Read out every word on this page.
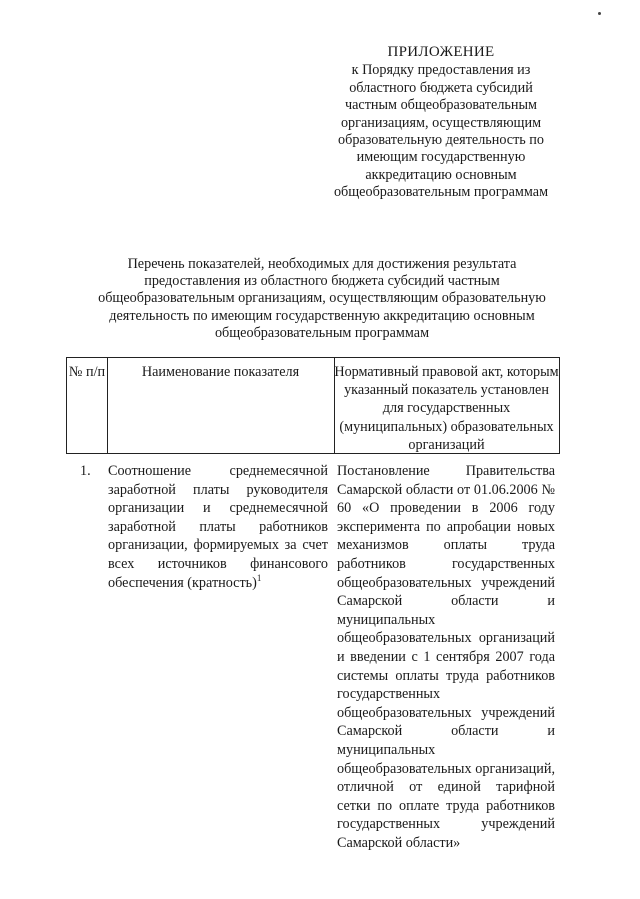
ПРИЛОЖЕНИЕ
к Порядку предоставления из областного бюджета субсидий частным общеобразовательным организациям, осуществляющим образовательную деятельность по имеющим государственную аккредитацию основным общеобразовательным программам
Перечень показателей, необходимых для достижения результата предоставления из областного бюджета субсидий частным общеобразовательным организациям, осуществляющим образовательную деятельность по имеющим государственную аккредитацию основным общеобразовательным программам
№ п/п	Наименование показателя	Нормативный правовой акт, которым указанный показатель установлен для государственных (муниципальных) образовательных организаций
1. Соотношение среднемесячной заработной платы руководителя организации и среднемесячной заработной платы работников организации, формируемых за счет всех источников финансового обеспечения (кратность)$^1$
Постановление Правительства Самарской области от 01.06.2006 № 60 «О проведении в 2006 году эксперимента по апробации новых механизмов оплаты труда работников государственных общеобразовательных учреждений Самарской области и муниципальных общеобразовательных организаций и введении с 1 сентября 2007 года системы оплаты труда работников государственных общеобразовательных учреждений Самарской области и муниципальных общеобразовательных организаций, отличной от единой тарифной сетки по оплате труда работников государственных учреждений Самарской области»
